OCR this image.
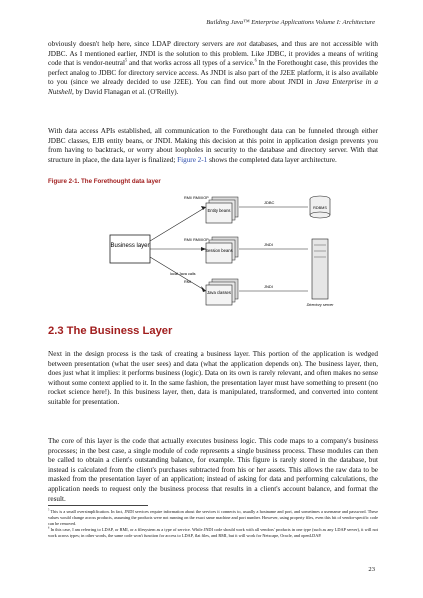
Building Java™ Enterprise Applications Volume I: Architecture
obviously doesn't help here, since LDAP directory servers are not databases, and thus are not accessible with JDBC. As I mentioned earlier, JNDI is the solution to this problem. Like JDBC, it provides a means of writing code that is vendor-neutral$^5$ and that works across all types of a service.$^6$ In the Forethought case, this provides the perfect analog to JDBC for directory service access. As JNDI is also part of the J2EE platform, it is also available to you (since we already decided to use J2EE). You can find out more about JNDI in Java Enterprise in a Nutshell, by David Flanagan et al. (O'Reilly).
With data access APIs established, all communication to the Forethought data can be funneled through either JDBC classes, EJB entity beans, or JNDI. Making this decision at this point in application design prevents you from having to backtrack, or worry about loopholes in security to the database and directory server. With that structure in place, the data layer is finalized; Figure 2-1 shows the completed data layer architecture.
Figure 2-1. The Forethought data layer
Business layer
RMI/ RMI/IIOP
RMI/ RMI/IIOP
local Java calls
RMI
Entity beans
Session beans
Java classes
JDBC
JNDI
JNDI
RDBMS
Directory server
2.3 The Business Layer
Next in the design process is the task of creating a business layer. This portion of the application is wedged between presentation (what the user sees) and data (what the application depends on). The business layer, then, does just what it implies: it performs business (logic). Data on its own is rarely relevant, and often makes no sense without some context applied to it. In the same fashion, the presentation layer must have something to present (no rocket science here!). In this business layer, then, data is manipulated, transformed, and converted into content suitable for presentation.
The core of this layer is the code that actually executes business logic. This code maps to a company's business processes; in the best case, a single module of code represents a single business process. These modules can then be called to obtain a client's outstanding balance, for example. This figure is rarely stored in the database, but instead is calculated from the client's purchases subtracted from his or her assets. This allows the raw data to be masked from the presentation layer of an application; instead of asking for data and performing calculations, the application needs to request only the business process that results in a client's account balance, and format the result.
$^5$ This is a small oversimplification. In fact, JNDI services require information about the services it connects to, usually a hostname and port, and sometimes a username and password. These values would change across products, assuming the products were not running on the exact same machine and port number. However, using property files, even this bit of vendor-specific code can be removed.
$^6$ In this case, I am referring to LDAP, or RMI, or a filesystem as a type of service. While JNDI code should work with all vendors' products in one type (such as any LDAP server), it will not work across types; in other words, the same code won't function for access to LDAP, flat files, and RMI, but it will work for Netscape, Oracle, and openLDAP.
23
